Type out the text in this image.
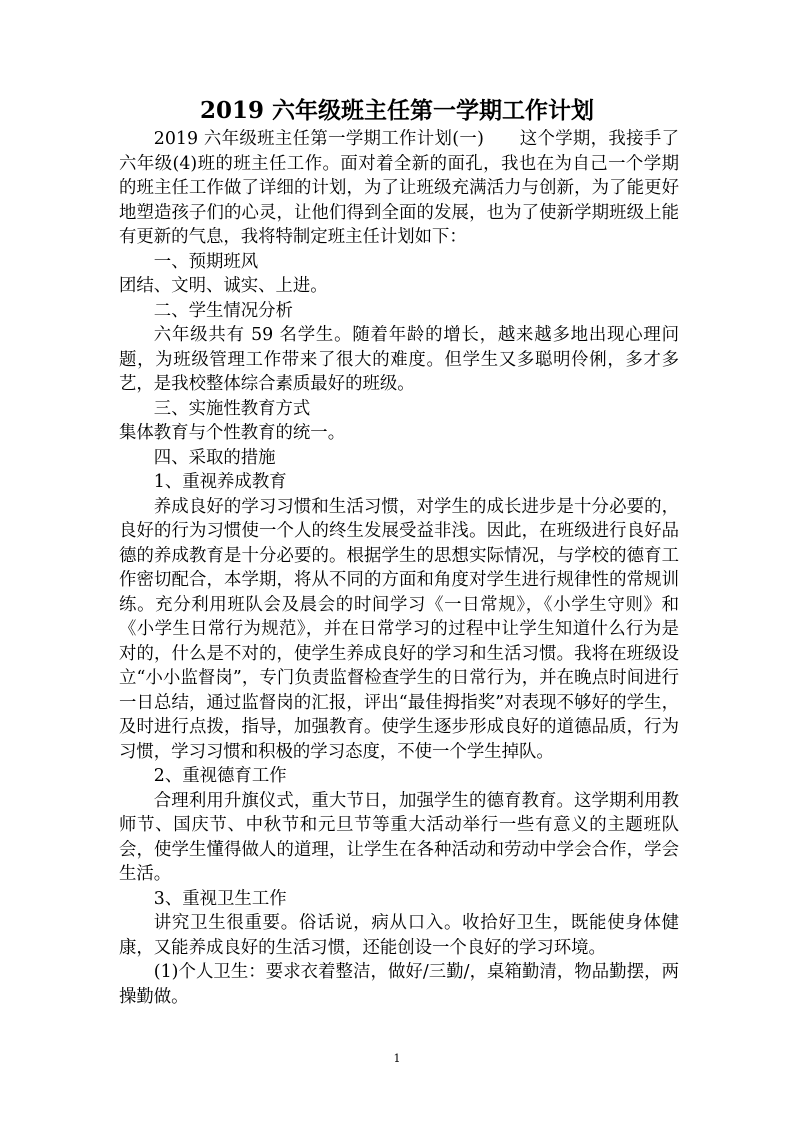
2019 六年级班主任第一学期工作计划

2019 六年级班主任第一学期工作计划(一)　　这个学期，我接手了六年级(4)班的班主任工作。面对着全新的面孔，我也在为自己一个学期的班主任工作做了详细的计划，为了让班级充满活力与创新，为了能更好地塑造孩子们的心灵，让他们得到全面的发展，也为了使新学期班级上能有更新的气息，我将特制定班主任计划如下：

一、预期班风

团结、文明、诚实、上进。

二、学生情况分析

六年级共有 59 名学生。随着年龄的增长，越来越多地出现心理问题，为班级管理工作带来了很大的难度。但学生又多聪明伶俐，多才多艺，是我校整体综合素质最好的班级。

三、实施性教育方式

集体教育与个性教育的统一。

四、采取的措施

1、重视养成教育

养成良好的学习习惯和生活习惯，对学生的成长进步是十分必要的，良好的行为习惯使一个人的终生发展受益非浅。因此，在班级进行良好品德的养成教育是十分必要的。根据学生的思想实际情况，与学校的德育工作密切配合，本学期，将从不同的方面和角度对学生进行规律性的常规训练。充分利用班队会及晨会的时间学习《一日常规》，《小学生守则》和《小学生日常行为规范》，并在日常学习的过程中让学生知道什么行为是对的，什么是不对的，使学生养成良好的学习和生活习惯。我将在班级设立“小小监督岗”，专门负责监督检查学生的日常行为，并在晚点时间进行一日总结，通过监督岗的汇报，评出“最佳拇指奖”对表现不够好的学生，及时进行点拨，指导，加强教育。使学生逐步形成良好的道德品质，行为习惯，学习习惯和积极的学习态度，不使一个学生掉队。

2、重视德育工作

合理利用升旗仪式，重大节日，加强学生的德育教育。这学期利用教师节、国庆节、中秋节和元旦节等重大活动举行一些有意义的主题班队会，使学生懂得做人的道理，让学生在各种活动和劳动中学会合作，学会生活。

3、重视卫生工作

讲究卫生很重要。俗话说，病从口入。收拾好卫生，既能使身体健康，又能养成良好的生活习惯，还能创设一个良好的学习环境。

(1)个人卫生：要求衣着整洁，做好/三勤/，桌箱勤清，物品勤摆，两操勤做。

1
